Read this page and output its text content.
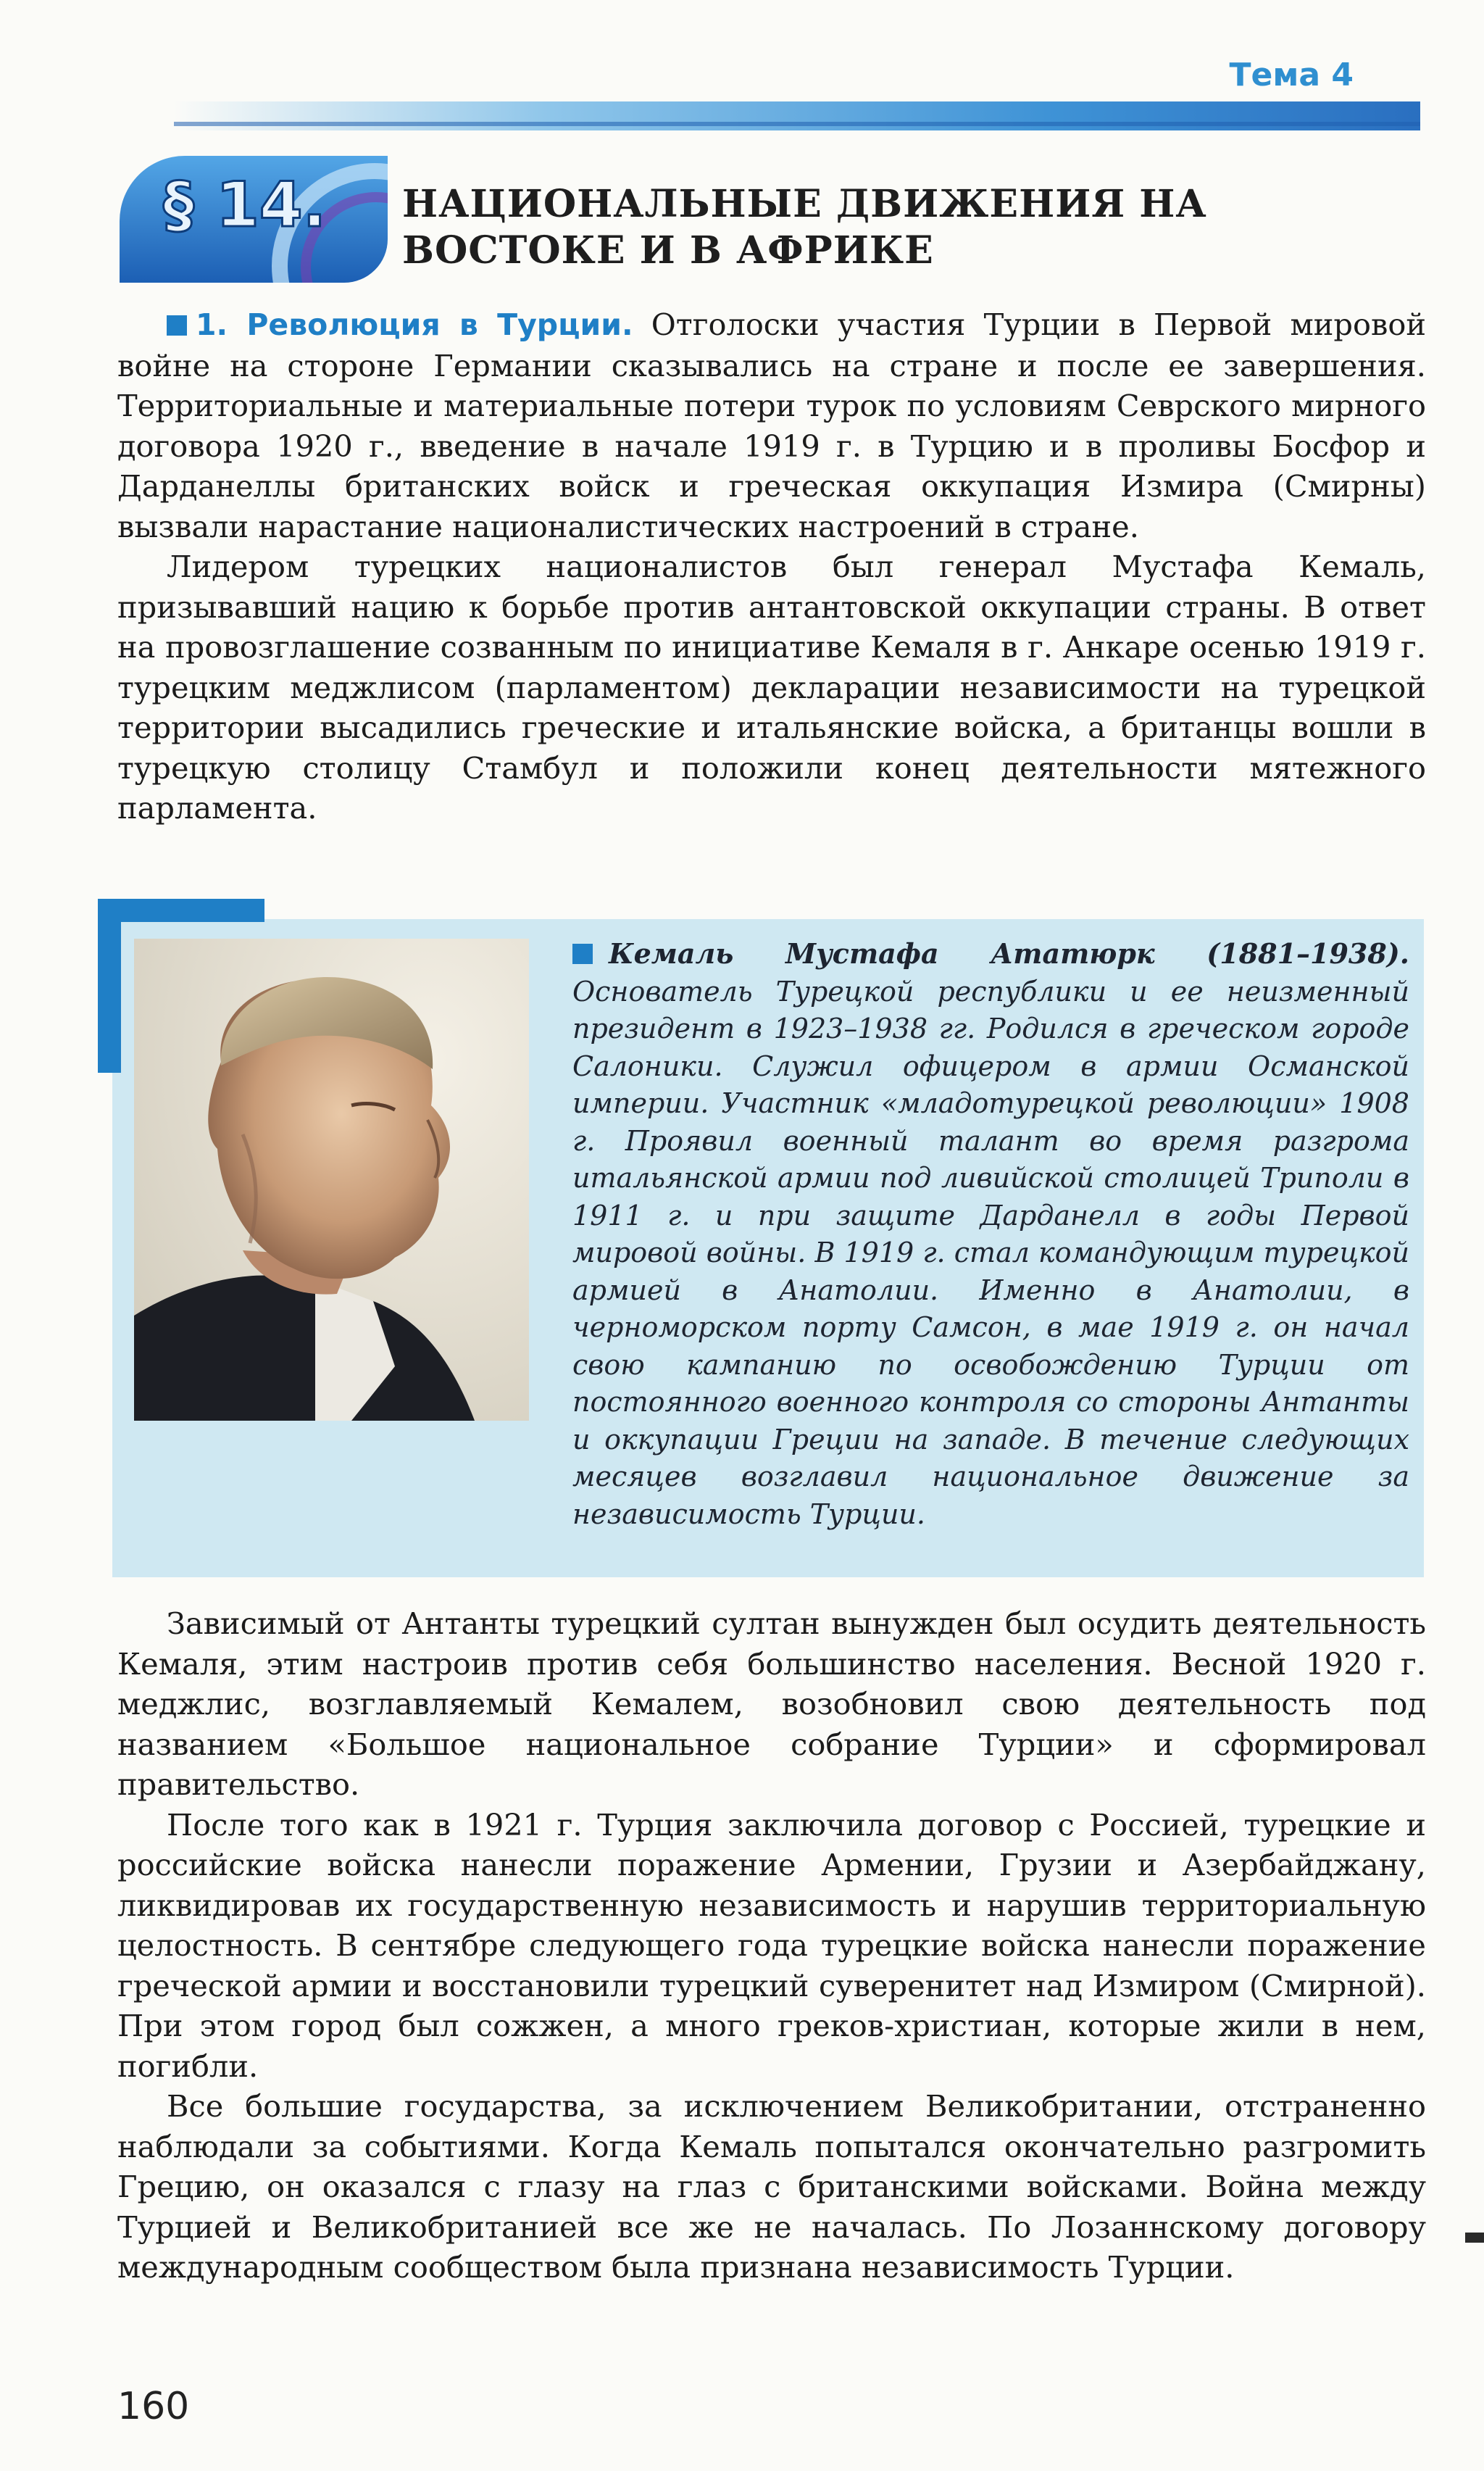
Тема 4
§ 14. НАЦИОНАЛЬНЫЕ ДВИЖЕНИЯ НА ВОСТОКЕ И В АФРИКЕ

1. Революция в Турции. Отголоски участия Турции в Первой мировой войне на стороне Германии сказывались на стране и после ее завершения. Территориальные и материальные потери турок по условиям Севрского мирного договора 1920 г., введение в начале 1919 г. в Турцию и в проливы Босфор и Дарданеллы британских войск и греческая оккупация Измира (Смирны) вызвали нарастание националистических настроений в стране.

Лидером турецких националистов был генерал Мустафа Кемаль, призывавший нацию к борьбе против антантовской оккупации страны. В ответ на провозглашение созванным по инициативе Кемаля в г. Анкаре осенью 1919 г. турецким меджлисом (парламентом) декларации независимости на турецкой территории высадились греческие и итальянские войска, а британцы вошли в турецкую столицу Стамбул и положили конец деятельности мятежного парламента.

Кемаль Мустафа Ататюрк (1881–1938). Основатель Турецкой республики и ее неизменный президент в 1923–1938 гг. Родился в греческом городе Салоники. Служил офицером в армии Османской империи. Участник «младотурецкой революции» 1908 г. Проявил военный талант во время разгрома итальянской армии под ливийской столицей Триполи в 1911 г. и при защите Дарданелл в годы Первой мировой войны. В 1919 г. стал командующим турецкой армией в Анатолии. Именно в Анатолии, в черноморском порту Самсон, в мае 1919 г. он начал свою кампанию по освобождению Турции от постоянного военного контроля со стороны Антанты и оккупации Греции на западе. В течение следующих месяцев возглавил национальное движение за независимость Турции.

Зависимый от Антанты турецкий султан вынужден был осудить деятельность Кемаля, этим настроив против себя большинство населения. Весной 1920 г. меджлис, возглавляемый Кемалем, возобновил свою деятельность под названием «Большое национальное собрание Турции» и сформировал правительство.

После того как в 1921 г. Турция заключила договор с Россией, турецкие и российские войска нанесли поражение Армении, Грузии и Азербайджану, ликвидировав их государственную независимость и нарушив территориальную целостность. В сентябре следующего года турецкие войска нанесли поражение греческой армии и восстановили турецкий суверенитет над Измиром (Смирной). При этом город был сожжен, а много греков-христиан, которые жили в нем, погибли.

Все большие государства, за исключением Великобритании, отстраненно наблюдали за событиями. Когда Кемаль попытался окончательно разгромить Грецию, он оказался с глазу на глаз с британскими войсками. Война между Турцией и Великобританией все же не началась. По Лозаннскому договору международным сообществом была признана независимость Турции.

160
